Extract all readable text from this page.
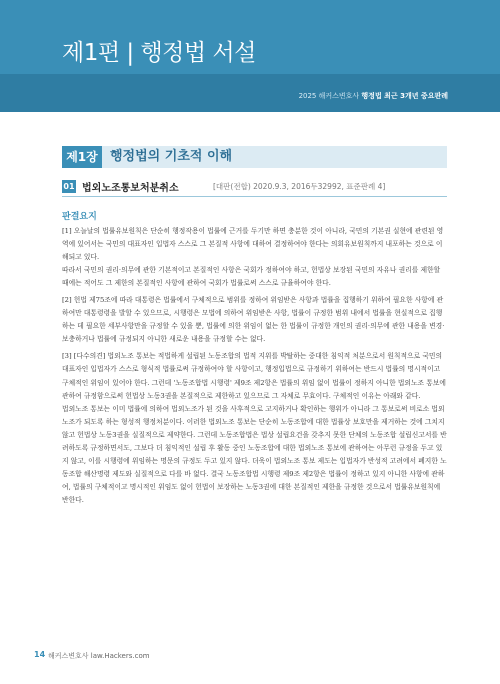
제1편 | 행정법 서설
2025 해커스변호사 행정법 최근 3개년 중요판례
제1장 행정법의 기초적 이해
01 법외노조통보처분취소	[대판(전합) 2020.9.3, 2016두32992, 표준판례 4]
판결요지

[1] 오늘날의 법률유보원칙은 단순히 행정작용이 법률에 근거를 두기만 하면 충분한 것이 아니라, 국민의 기본권 실현에 관련된 영역에 있어서는 국민의 대표자인 입법자 스스로 그 본질적 사항에 대하여 결정하여야 한다는 의회유보원칙까지 내포하는 것으로 이해되고 있다.

따라서 국민의 권리·의무에 관한 기본적이고 본질적인 사항은 국회가 정하여야 하고, 헌법상 보장된 국민의 자유나 권리를 제한할 때에는 적어도 그 제한의 본질적인 사항에 관하여 국회가 법률로써 스스로 규율하여야 한다.

[2] 헌법 제75조에 따라 대통령은 법률에서 구체적으로 범위를 정하여 위임받은 사항과 법률을 집행하기 위하여 필요한 사항에 관하여만 대통령령을 발할 수 있으므로, 시행령은 모법에 의하여 위임받은 사항, 법률이 규정한 범위 내에서 법률을 현실적으로 집행하는 데 필요한 세부사항만을 규정할 수 있을 뿐, 법률에 의한 위임이 없는 한 법률이 규정한 개인의 권리·의무에 관한 내용을 변경·보충하거나 법률에 규정되지 아니한 새로운 내용을 규정할 수는 없다.

[3] [다수의견] 법외노조 통보는 적법하게 설립된 노동조합의 법적 지위를 박탈하는 중대한 침익적 처분으로서 원칙적으로 국민의 대표자인 입법자가 스스로 형식적 법률로써 규정하여야 할 사항이고, 행정입법으로 규정하기 위하여는 반드시 법률의 명시적이고 구체적인 위임이 있어야 한다. 그런데 '노동조합법 시행령' 제9조 제2항은 법률의 위임 없이 법률이 정하지 아니한 법외노조 통보에 관하여 규정함으로써 헌법상 노동3권을 본질적으로 제한하고 있으므로 그 자체로 무효이다. 구체적인 이유는 아래와 같다.

법외노조 통보는 이미 법률에 의하여 법외노조가 된 것을 사후적으로 고지하거나 확인하는 행위가 아니라 그 통보로써 비로소 법외노조가 되도록 하는 형성적 행정처분이다. 이러한 법외노조 통보는 단순히 노동조합에 대한 법률상 보호만을 제거하는 것에 그치지 않고 헌법상 노동3권을 실질적으로 제약한다. 그런데 노동조합법은 법상 설립요건을 갖추지 못한 단체의 노동조합 설립신고서를 반려하도록 규정하면서도, 그보다 더 침익적인 설립 후 활동 중인 노동조합에 대한 법외노조 통보에 관하여는 아무런 규정을 두고 있지 않고, 이를 시행령에 위임하는 명문의 규정도 두고 있지 않다. 더욱이 법외노조 통보 제도는 입법자가 반성적 고려에서 폐지한 노동조합 해산명령 제도와 실질적으로 다를 바 없다. 결국 노동조합법 시행령 제9조 제2항은 법률이 정하고 있지 아니한 사항에 관하여, 법률의 구체적이고 명시적인 위임도 없이 헌법이 보장하는 노동3권에 대한 본질적인 제한을 규정한 것으로서 법률유보원칙에 반한다.

14 해커스변호사 law.Hackers.com
